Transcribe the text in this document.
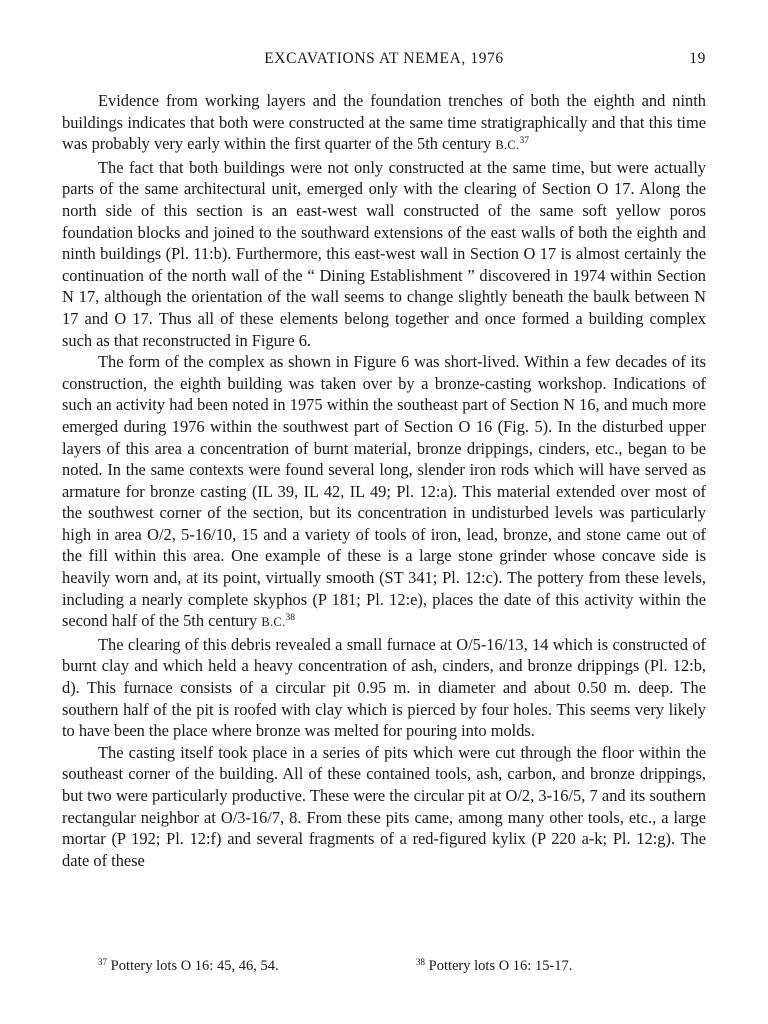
EXCAVATIONS AT NEMEA, 1976	19

Evidence from working layers and the foundation trenches of both the eighth and ninth buildings indicates that both were constructed at the same time stratigraphically and that this time was probably very early within the first quarter of the 5th century B.C.$^{37}$

The fact that both buildings were not only constructed at the same time, but were actually parts of the same architectural unit, emerged only with the clearing of Section O 17. Along the north side of this section is an east-west wall constructed of the same soft yellow poros foundation blocks and joined to the southward extensions of the east walls of both the eighth and ninth buildings (Pl. 11:b). Furthermore, this east-west wall in Section O 17 is almost certainly the continuation of the north wall of the “ Dining Establishment ” discovered in 1974 within Section N 17, although the orientation of the wall seems to change slightly beneath the baulk between N 17 and O 17. Thus all of these elements belong together and once formed a building complex such as that reconstructed in Figure 6.

The form of the complex as shown in Figure 6 was short-lived. Within a few decades of its construction, the eighth building was taken over by a bronze-casting workshop. Indications of such an activity had been noted in 1975 within the southeast part of Section N 16, and much more emerged during 1976 within the southwest part of Section O 16 (Fig. 5). In the disturbed upper layers of this area a concentration of burnt material, bronze drippings, cinders, etc., began to be noted. In the same contexts were found several long, slender iron rods which will have served as armature for bronze casting (IL 39, IL 42, IL 49; Pl. 12:a). This material extended over most of the southwest corner of the section, but its concentration in undisturbed levels was particularly high in area O/2, 5-16/10, 15 and a variety of tools of iron, lead, bronze, and stone came out of the fill within this area. One example of these is a large stone grinder whose concave side is heavily worn and, at its point, virtually smooth (ST 341; Pl. 12:c). The pottery from these levels, including a nearly complete skyphos (P 181; Pl. 12:e), places the date of this activity within the second half of the 5th century B.C.$^{38}$

The clearing of this debris revealed a small furnace at O/5-16/13, 14 which is constructed of burnt clay and which held a heavy concentration of ash, cinders, and bronze drippings (Pl. 12:b, d). This furnace consists of a circular pit 0.95 m. in diameter and about 0.50 m. deep. The southern half of the pit is roofed with clay which is pierced by four holes. This seems very likely to have been the place where bronze was melted for pouring into molds.

The casting itself took place in a series of pits which were cut through the floor within the southeast corner of the building. All of these contained tools, ash, carbon, and bronze drippings, but two were particularly productive. These were the circular pit at O/2, 3-16/5, 7 and its southern rectangular neighbor at O/3-16/7, 8. From these pits came, among many other tools, etc., a large mortar (P 192; Pl. 12:f) and several fragments of a red-figured kylix (P 220 a-k; Pl. 12:g). The date of these

$^{37}$ Pottery lots O 16: 45, 46, 54.	$^{38}$ Pottery lots O 16: 15-17.
